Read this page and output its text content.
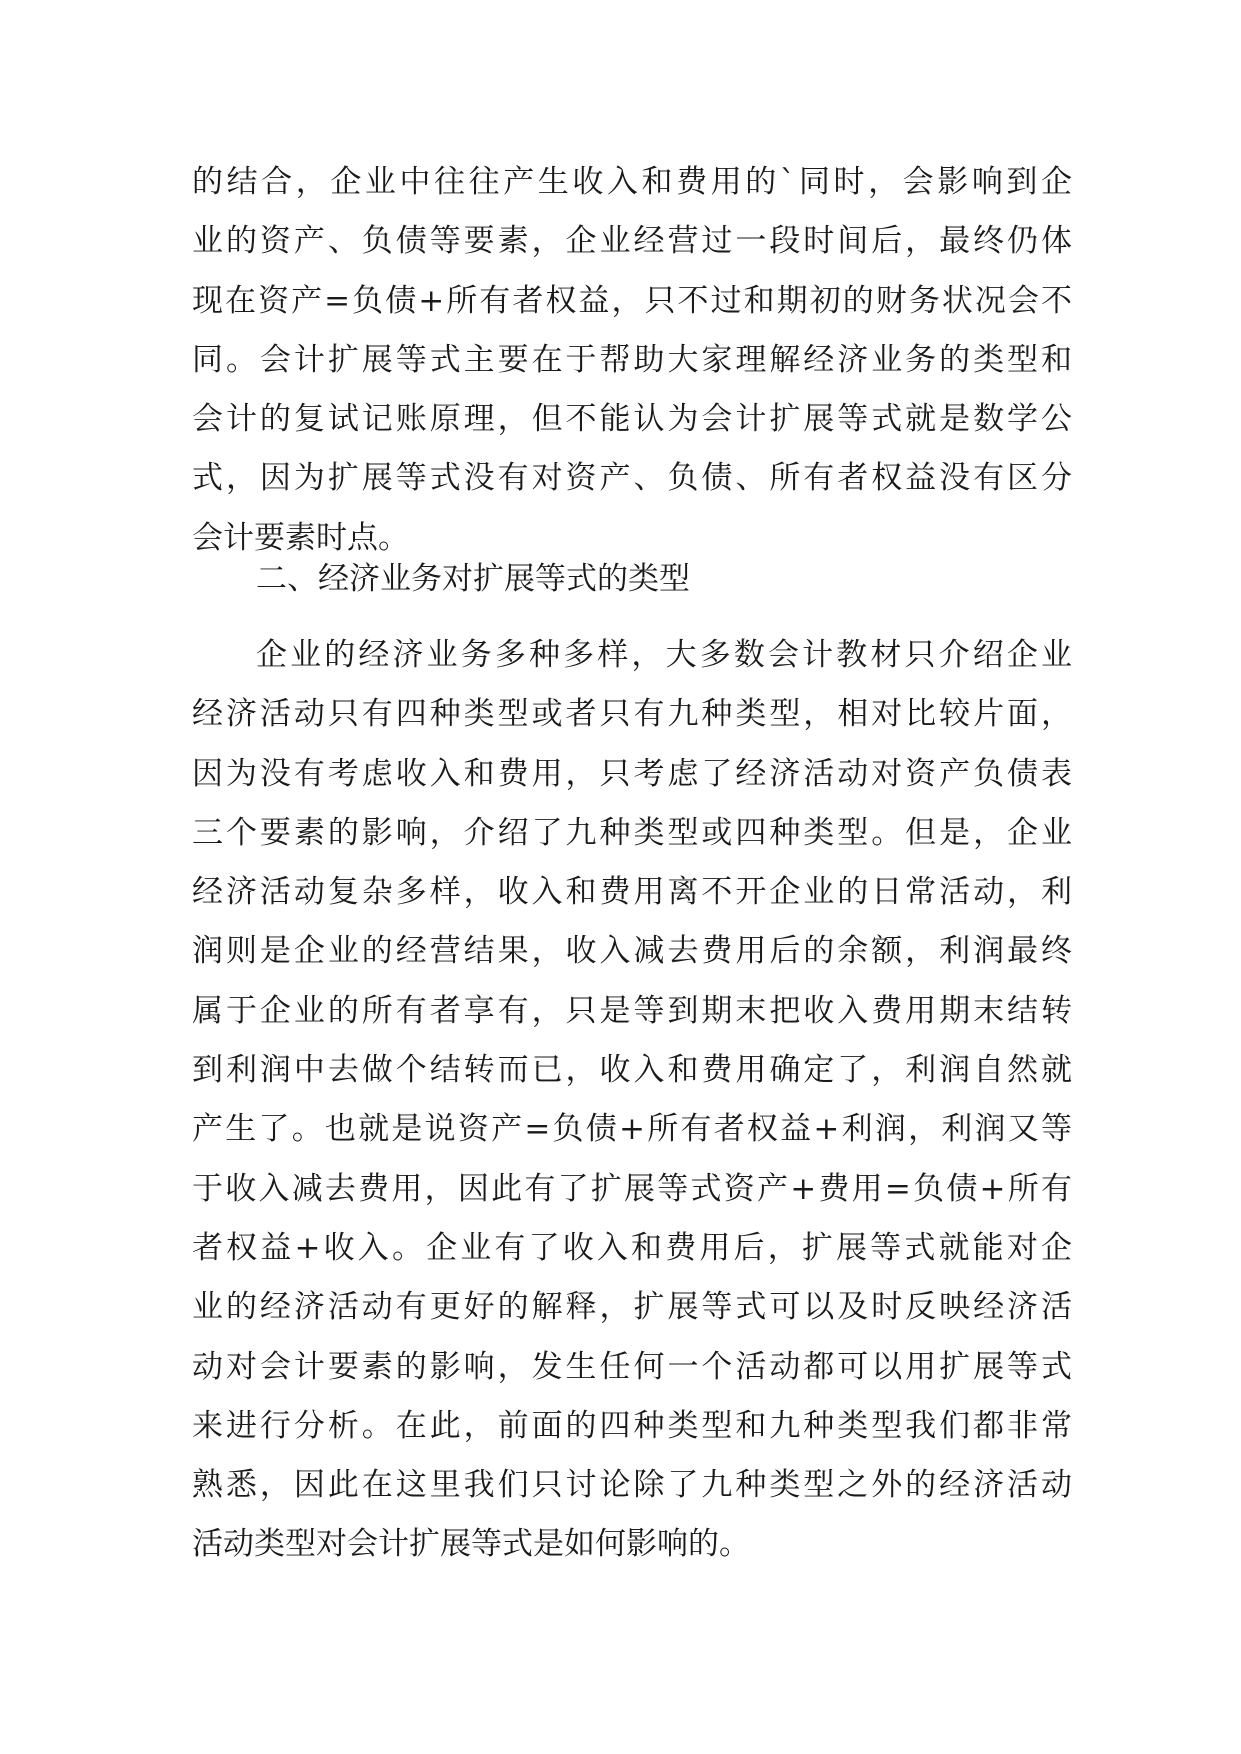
的结合，企业中往往产生收入和费用的`同时，会影响到企
业的资产、负债等要素，企业经营过一段时间后，最终仍体
现在资产=负债+所有者权益，只不过和期初的财务状况会不
同。会计扩展等式主要在于帮助大家理解经济业务的类型和
会计的复试记账原理，但不能认为会计扩展等式就是数学公
式，因为扩展等式没有对资产、负债、所有者权益没有区分
会计要素时点。
二、经济业务对扩展等式的类型
企业的经济业务多种多样，大多数会计教材只介绍企业
经济活动只有四种类型或者只有九种类型，相对比较片面，
因为没有考虑收入和费用，只考虑了经济活动对资产负债表
三个要素的影响，介绍了九种类型或四种类型。但是，企业
经济活动复杂多样，收入和费用离不开企业的日常活动，利
润则是企业的经营结果，收入减去费用后的余额，利润最终
属于企业的所有者享有，只是等到期末把收入费用期末结转
到利润中去做个结转而已，收入和费用确定了，利润自然就
产生了。也就是说资产=负债+所有者权益+利润，利润又等
于收入减去费用，因此有了扩展等式资产+费用=负债+所有
者权益+收入。企业有了收入和费用后，扩展等式就能对企
业的经济活动有更好的解释，扩展等式可以及时反映经济活
动对会计要素的影响，发生任何一个活动都可以用扩展等式
来进行分析。在此，前面的四种类型和九种类型我们都非常
熟悉，因此在这里我们只讨论除了九种类型之外的经济活动
活动类型对会计扩展等式是如何影响的。
